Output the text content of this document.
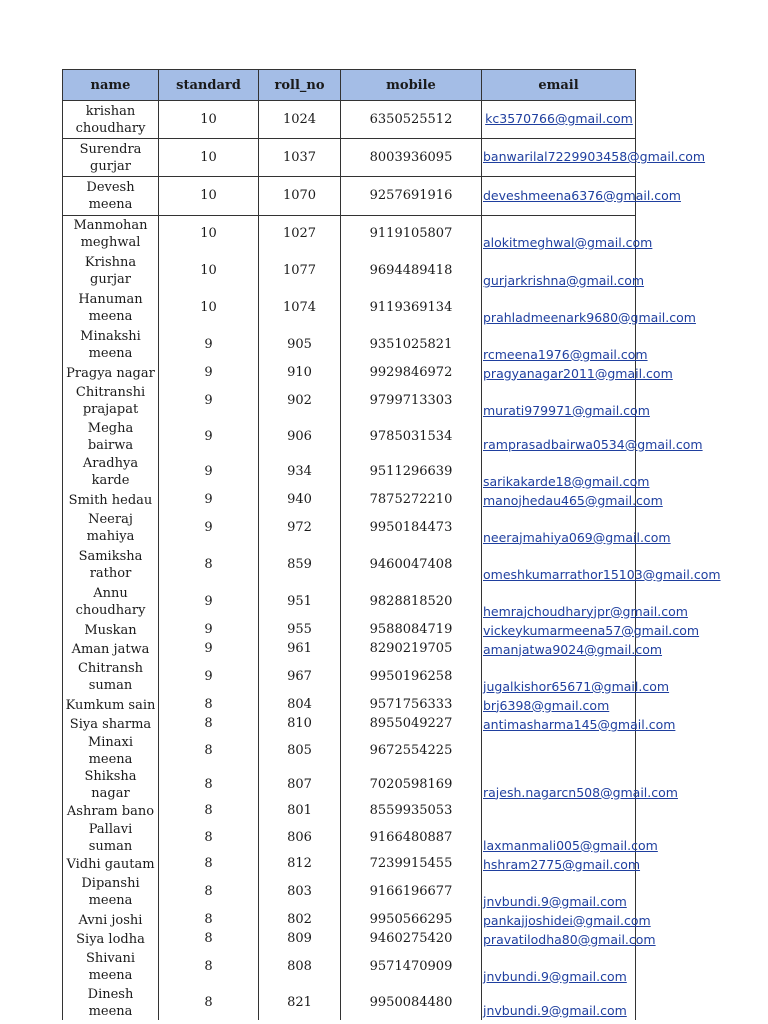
name	standard	roll_no	mobile	email
krishan choudhary	10	1024	6350525512	kc3570766@gmail.com
Surendra gurjar	10	1037	8003936095	banwarilal7229903458@gmail.com
Devesh meena	10	1070	9257691916	deveshmeena6376@gmail.com
Manmohan meghwal	10	1027	9119105807	alokitmeghwal@gmail.com
Krishna gurjar	10	1077	9694489418	gurjarkrishna@gmail.com
Hanuman meena	10	1074	9119369134	prahladmeenark9680@gmail.com
Minakshi meena	9	905	9351025821	rcmeena1976@gmail.com
Pragya nagar	9	910	9929846972	pragyanagar2011@gmail.com
Chitranshi prajapat	9	902	9799713303	murati979971@gmail.com
Megha bairwa	9	906	9785031534	ramprasadbairwa0534@gmail.com
Aradhya karde	9	934	9511296639	sarikakarde18@gmail.com
Smith hedau	9	940	7875272210	manojhedau465@gmail.com
Neeraj mahiya	9	972	9950184473	neerajmahiya069@gmail.com
Samiksha rathor	8	859	9460047408	omeshkumarrathor15103@gmail.com
Annu choudhary	9	951	9828818520	hemrajchoudharyjpr@gmail.com
Muskan	9	955	9588084719	vickeykumarmeena57@gmail.com
Aman jatwa	9	961	8290219705	amanjatwa9024@gmail.com
Chitransh suman	9	967	9950196258	jugalkishor65671@gmail.com
Kumkum sain	8	804	9571756333	brj6398@gmail.com
Siya sharma	8	810	8955049227	antimasharma145@gmail.com
Minaxi meena	8	805	9672554225	
Shiksha nagar	8	807	7020598169	rajesh.nagarcn508@gmail.com
Ashram bano	8	801	8559935053	
Pallavi suman	8	806	9166480887	laxmanmali005@gmail.com
Vidhi gautam	8	812	7239915455	hshram2775@gmail.com
Dipanshi meena	8	803	9166196677	jnvbundi.9@gmail.com
Avni joshi	8	802	9950566295	pankajjoshidei@gmail.com
Siya lodha	8	809	9460275420	pravatilodha80@gmail.com
Shivani meena	8	808	9571470909	jnvbundi.9@gmail.com
Dinesh meena	8	821	9950084480	jnvbundi.9@gmail.com
